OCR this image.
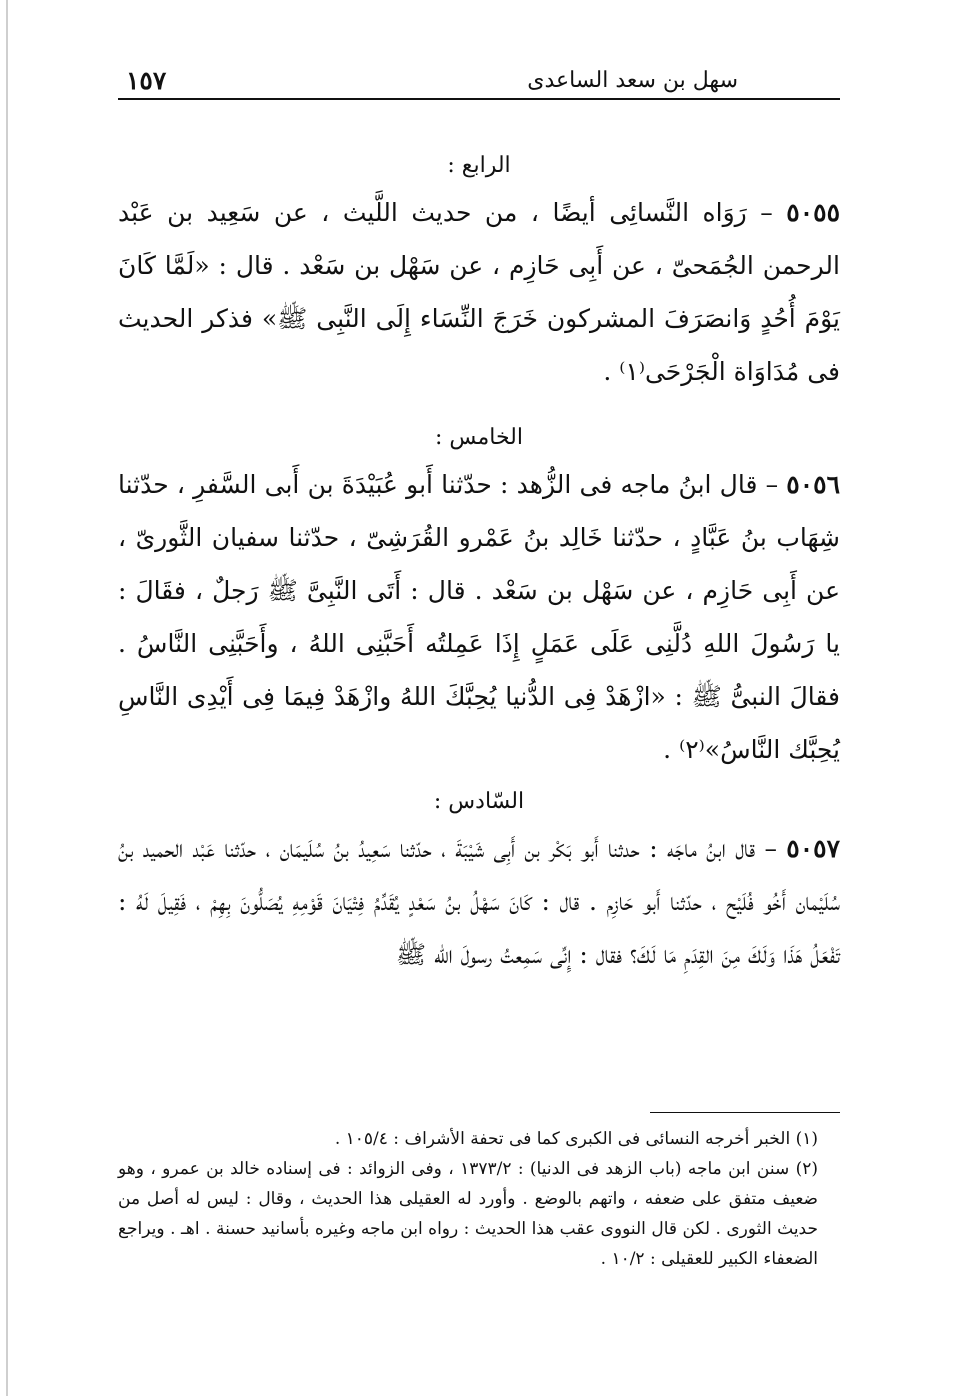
سهل بن سعد الساعدى
١٥٧

الرابع :

٥٠٥٥ – رَوَاه النَّسائِى أيضًا ، من حديث اللَّيث ، عن سَعِيد بن عَبْد الرحمن الجُمَحىّ ، عن أَبِى حَازِم ، عن سَهْل بن سَعْد . قال : «لَمَّا كَانَ يَوْمَ أُحُدٍ وَانصَرَفَ المشركون خَرَجَ النِّسَاء إِلَى النَّبِى ﷺ» فذكر الحديث فى مُدَاوَاة الْجَرْحَى⁽١⁾ .

الخامس :

٥٠٥٦ – قال ابنُ ماجه فى الزُّهد : حدّثنا أَبو عُبَيْدَةَ بن أَبى السَّفرِ ، حدّثنا شِهَاب بنُ عَبَّادٍ ، حدّثنا خَالِد بنُ عَمْرو القُرَشِىّ ، حدّثنا سفيان الثَّورىّ ، عن أَبِى حَازِم ، عن سَهْل بن سَعْد . قال : أَتَى النَّبِىَّ ﷺ رَجلٌ ، فقَالَ : يا رَسُولَ اللهِ دُلَّنِى عَلَى عَمَلٍ إِذَا عَمِلتُه أَحَبَّنِى اللهُ ، وأَحَبَّنِى النَّاسُ . فقالَ النبىُّ ﷺ : «ازْهَدْ فِى الدُّنيا يُحِبَّكَ اللهُ وازْهَدْ فِيمَا فِى أَيْدِى النَّاسِ يُحِبَّك النَّاسُ»⁽٢⁾ .

السّادس :

٥٠٥٧ – قال ابنُ ماجَه : حدثنا أَبو بَكْر بن أَبِى شَيْبَةَ ، حدّثنا سَعِيدُ بنُ سُلَيمَان ، حدّثنا عَبْد الحميد بنُ سُلَيْمان أَخُو فُلَيْح ، حدّثنا أَبو حَازِم . قال : كَانَ سَهْلُ بنُ سَعْدٍ يُقَدِّمُ فِتْيَانَ قَوْمِهِ يُصَلُّونَ بِهِمْ ، فَقِيلَ لَهُ : تَفْعَلُ هَذَا وَلَكَ مِنَ القِدَمِ مَا لَكَ؟ فقال : إِنِّى سَمِعتُ رسولَ الله ﷺ

(١) الخبر أخرجه النسائى فى الكبرى كما فى تحفة الأشراف : ١٠٥/٤ .

(٢) سنن ابن ماجه (باب الزهد فى الدنيا) : ١٣٧٣/٢ ، وفى الزوائد : فى إسناده خالد بن عمرو ، وهو ضعيف متفق على ضعفه ، واتهم بالوضع . وأورد له العقيلى هذا الحديث ، وقال : ليس له أصل من حديث الثورى . لكن قال النووى عقب هذا الحديث : رواه ابن ماجه وغيره بأسانيد حسنة . اهـ . ويراجع الضعفاء الكبير للعقيلى : ١٠/٢ .
